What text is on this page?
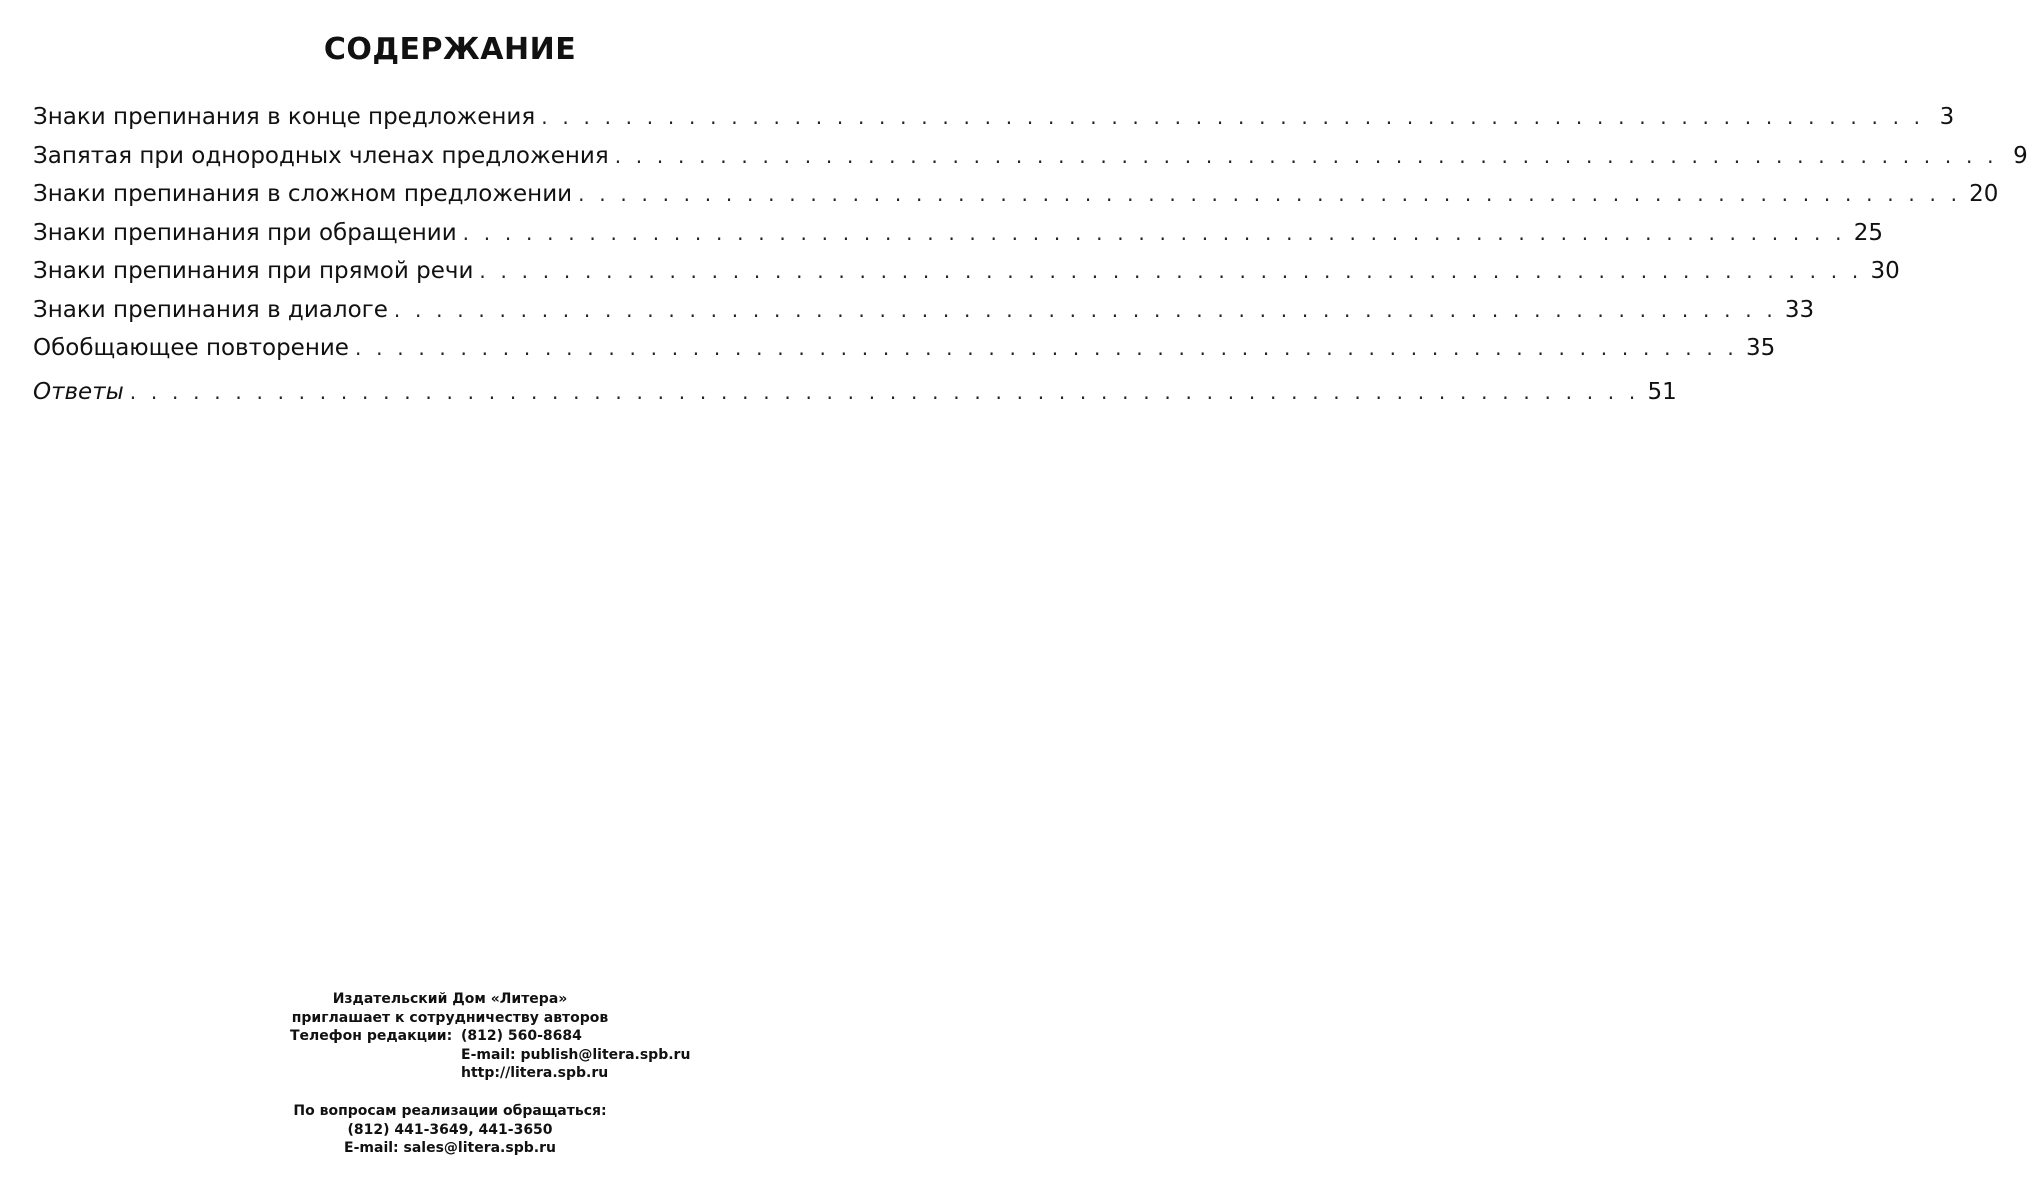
СОДЕРЖАНИЕ
Знаки препинания в конце предложения . . . . . . . . . . . . . . . . . . . . . . . . . . . . . . . . . . . . . . . . . . . . . . . . . . . . . . . . . . . . . . . . . . 3
Запятая при однородных членах предложения . . . . . . . . . . . . . . . . . . . . . . . . . . . . . . . . . . . . . . . . . . . . . . . . . . . . . . . . . . . . . . . . . . 9
Знаки препинания в сложном предложении . . . . . . . . . . . . . . . . . . . . . . . . . . . . . . . . . . . . . . . . . . . . . . . . . . . . . . . . . . . . . . . . . . 20
Знаки препинания при обращении . . . . . . . . . . . . . . . . . . . . . . . . . . . . . . . . . . . . . . . . . . . . . . . . . . . . . . . . . . . . . . . . . . 25
Знаки препинания при прямой речи . . . . . . . . . . . . . . . . . . . . . . . . . . . . . . . . . . . . . . . . . . . . . . . . . . . . . . . . . . . . . . . . . . 30
Знаки препинания в диалоге . . . . . . . . . . . . . . . . . . . . . . . . . . . . . . . . . . . . . . . . . . . . . . . . . . . . . . . . . . . . . . . . . . 33
Обобщающее повторение . . . . . . . . . . . . . . . . . . . . . . . . . . . . . . . . . . . . . . . . . . . . . . . . . . . . . . . . . . . . . . . . . . 35
Ответы . . . . . . . . . . . . . . . . . . . . . . . . . . . . . . . . . . . . . . . . . . . . . . . . . . . . . . . . . . . . . . . . . . . . . . . . 51

Издательский Дом «Литера»

приглашает к сотрудничеству авторов

Телефон редакции: (812) 560-8684
E-mail: publish@litera.spb.ru
http://litera.spb.ru

По вопросам реализации обращаться:

(812) 441-3649, 441-3650

E-mail: sales@litera.spb.ru
